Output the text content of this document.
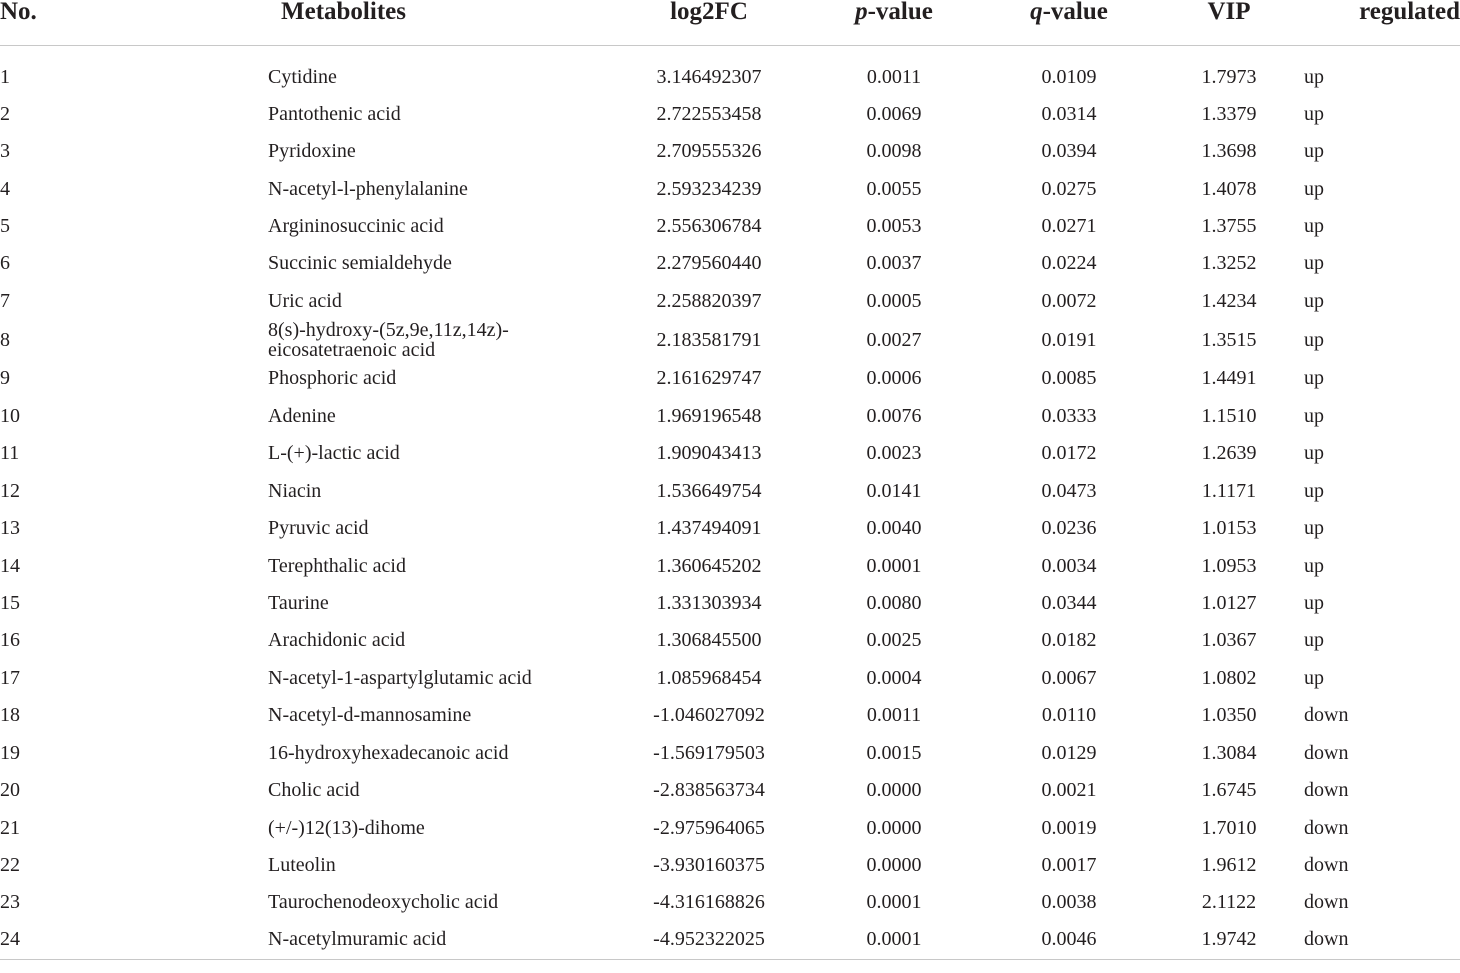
No.	Metabolites	log2FC	p-value	q-value	VIP	regulated
1	Cytidine	3.146492307	0.0011	0.0109	1.7973	up
2	Pantothenic acid	2.722553458	0.0069	0.0314	1.3379	up
3	Pyridoxine	2.709555326	0.0098	0.0394	1.3698	up
4	N-acetyl-l-phenylalanine	2.593234239	0.0055	0.0275	1.4078	up
5	Argininosuccinic acid	2.556306784	0.0053	0.0271	1.3755	up
6	Succinic semialdehyde	2.279560440	0.0037	0.0224	1.3252	up
7	Uric acid	2.258820397	0.0005	0.0072	1.4234	up
8	8(s)-hydroxy-(5z,9e,11z,14z)-eicosatetraenoic acid	2.183581791	0.0027	0.0191	1.3515	up
9	Phosphoric acid	2.161629747	0.0006	0.0085	1.4491	up
10	Adenine	1.969196548	0.0076	0.0333	1.1510	up
11	L-(+)-lactic acid	1.909043413	0.0023	0.0172	1.2639	up
12	Niacin	1.536649754	0.0141	0.0473	1.1171	up
13	Pyruvic acid	1.437494091	0.0040	0.0236	1.0153	up
14	Terephthalic acid	1.360645202	0.0001	0.0034	1.0953	up
15	Taurine	1.331303934	0.0080	0.0344	1.0127	up
16	Arachidonic acid	1.306845500	0.0025	0.0182	1.0367	up
17	N-acetyl-1-aspartylglutamic acid	1.085968454	0.0004	0.0067	1.0802	up
18	N-acetyl-d-mannosamine	-1.046027092	0.0011	0.0110	1.0350	down
19	16-hydroxyhexadecanoic acid	-1.569179503	0.0015	0.0129	1.3084	down
20	Cholic acid	-2.838563734	0.0000	0.0021	1.6745	down
21	(+/-)12(13)-dihome	-2.975964065	0.0000	0.0019	1.7010	down
22	Luteolin	-3.930160375	0.0000	0.0017	1.9612	down
23	Taurochenodeoxycholic acid	-4.316168826	0.0001	0.0038	2.1122	down
24	N-acetylmuramic acid	-4.952322025	0.0001	0.0046	1.9742	down
